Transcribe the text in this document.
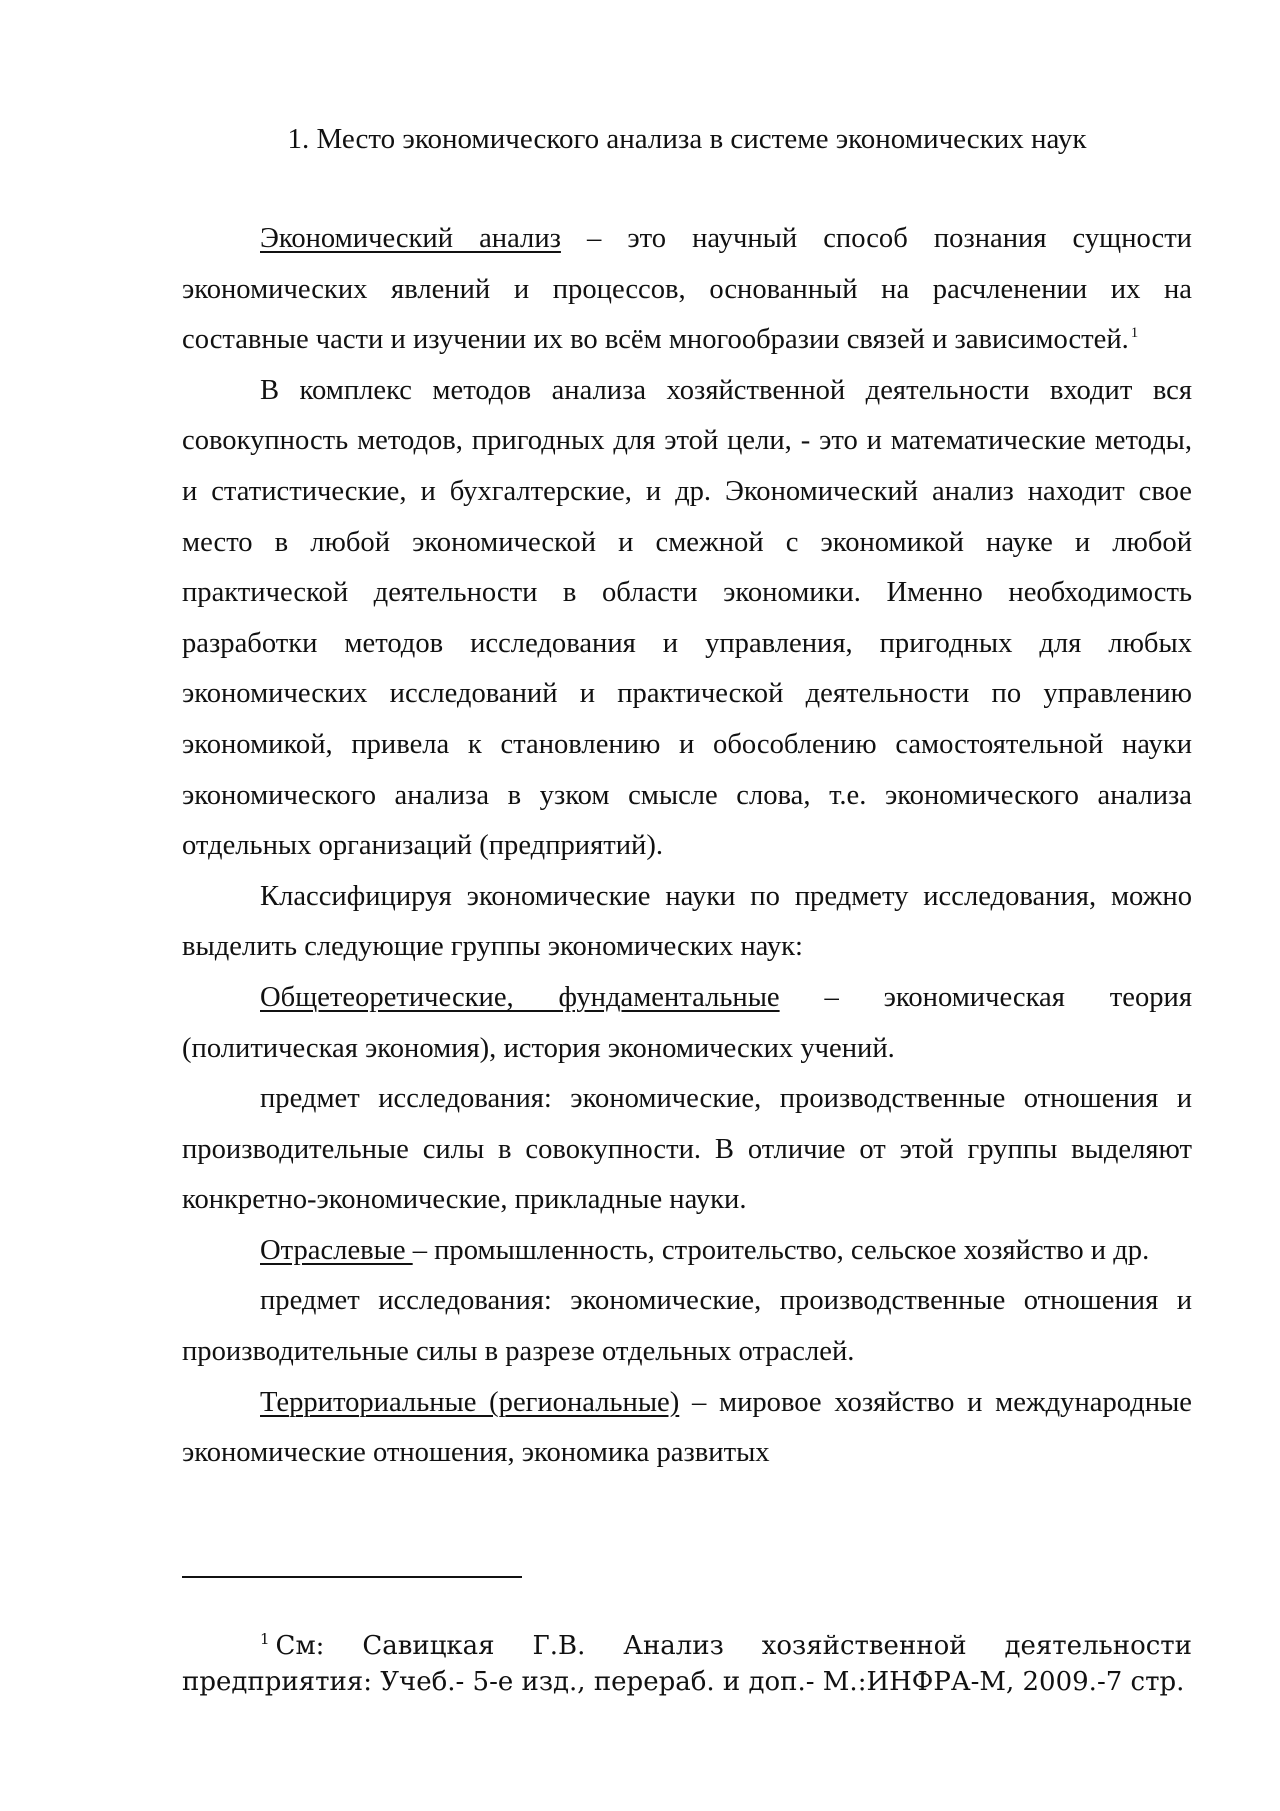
1. Место экономического анализа в системе экономических наук

Экономический анализ – это научный способ познания сущности экономических явлений и процессов, основанный на расчленении их на составные части и изучении их во всём многообразии связей и зависимостей. $^1$

В комплекс методов анализа хозяйственной деятельности входит вся совокупность методов, пригодных для этой цели, - это и математические методы, и статистические, и бухгалтерские, и др. Экономический анализ находит свое место в любой экономической и смежной с экономикой науке и любой практической деятельности в области экономики. Именно необходимость разработки методов исследования и управления, пригодных для любых экономических исследований и практической деятельности по управлению экономикой, привела к становлению и обособлению самостоятельной науки экономического анализа в узком смысле слова, т.е. экономического анализа отдельных организаций (предприятий).

Классифицируя экономические науки по предмету исследования, можно выделить следующие группы экономических наук:

Общетеоретические, фундаментальные – экономическая теория (политическая экономия), история экономических учений.

предмет исследования: экономические, производственные отношения и производительные силы в совокупности. В отличие от этой группы выделяют конкретно-экономические, прикладные науки.

Отраслевые – промышленность, строительство, сельское хозяйство и др.

предмет исследования: экономические, производственные отношения и производительные силы в разрезе отдельных отраслей.

Территориальные (региональные) – мировое хозяйство и международные экономические отношения, экономика развитых

$^1$ См: Савицкая Г.В. Анализ хозяйственной деятельности предприятия: Учеб.- 5-е изд., перераб. и доп.- М.:ИНФРА-М, 2009.-7 стр.
